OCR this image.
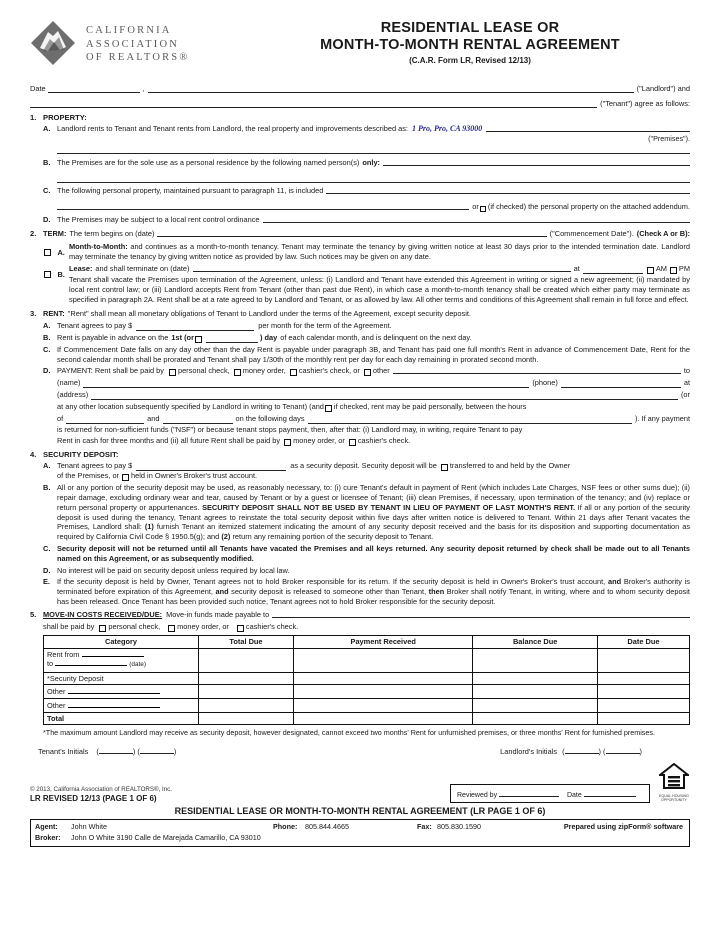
CALIFORNIA
ASSOCIATION
OF REALTORS®
RESIDENTIAL LEASE OR
MONTH-TO-MONTH RENTAL AGREEMENT
(C.A.R. Form LR, Revised 12/13)
Date	,	("Landlord") and
("Tenant") agree as follows:
1. PROPERTY:
A. Landlord rents to Tenant and Tenant rents from Landlord, the real property and improvements described as: 1 Pro, Pro, CA 93000
("Premises").
B. The Premises are for the sole use as a personal residence by the following named person(s) only:
C. The following personal property, maintained pursuant to paragraph 11, is included
or (if checked) the personal property on the attached addendum.
D. The Premises may be subject to a local rent control ordinance
2. TERM: The term begins on (date)	("Commencement Date"). (Check A or B):
A.
Month-to-Month: and continues as a month-to-month tenancy. Tenant may terminate the tenancy by giving written notice at least 30 days prior to the intended termination date. Landlord may terminate the tenancy by giving written notice as provided by law. Such notices may be given on any date.
B.
Lease: and shall terminate on (date)	at	AM PM
Tenant shall vacate the Premises upon termination of the Agreement, unless: (i) Landlord and Tenant have extended this Agreement in writing or signed a new agreement; (ii) mandated by local rent control law; or (iii) Landlord accepts Rent from Tenant (other than past due Rent), in which case a month-to-month tenancy shall be created which either party may terminate as specified in paragraph 2A. Rent shall be at a rate agreed to by Landlord and Tenant, or as allowed by law. All other terms and conditions of this Agreement shall remain in full force and effect.
3. RENT: "Rent" shall mean all monetary obligations of Tenant to Landlord under the terms of the Agreement, except security deposit.
A. Tenant agrees to pay $	per month for the term of the Agreement.
B. Rent is payable in advance on the 1st (or	) day of each calendar month, and is delinquent on the next day.
C. If Commencement Date falls on any day other than the day Rent is payable under paragraph 3B, and Tenant has paid one full month's Rent in advance of Commencement Date, Rent for the second calendar month shall be prorated and Tenant shall pay 1/30th of the monthly rent per day for each day remaining in prorated second month.
D. PAYMENT: Rent shall be paid by personal check, money order, cashier's check, or other	to
(name)	(phone)	at
(address)	(or
at any other location subsequently specified by Landlord in writing to Tenant) (and if checked, rent may be paid personally, between the hours
of	and	on the following days	). If any payment
is returned for non-sufficient funds ("NSF") or because tenant stops payment, then, after that: (i) Landlord may, in writing, require Tenant to pay
Rent in cash for three months and (ii) all future Rent shall be paid by money order, or cashier's check.
4. SECURITY DEPOSIT:
A. Tenant agrees to pay $	as a security deposit. Security deposit will be transferred to and held by the Owner
of the Premises, or held in Owner's Broker's trust account.
B. All or any portion of the security deposit may be used, as reasonably necessary, to: (i) cure Tenant's default in payment of Rent (which includes Late Charges, NSF fees or other sums due); (ii) repair damage, excluding ordinary wear and tear, caused by Tenant or by a guest or licensee of Tenant; (iii) clean Premises, if necessary, upon termination of the tenancy; and (iv) replace or return personal property or appurtenances. SECURITY DEPOSIT SHALL NOT BE USED BY TENANT IN LIEU OF PAYMENT OF LAST MONTH'S RENT. If all or any portion of the security deposit is used during the tenancy, Tenant agrees to reinstate the total security deposit within five days after written notice is delivered to Tenant. Within 21 days after Tenant vacates the Premises, Landlord shall: (1) furnish Tenant an itemized statement indicating the amount of any security deposit received and the basis for its disposition and supporting documentation as required by California Civil Code § 1950.5(g); and (2) return any remaining portion of the security deposit to Tenant.
C. Security deposit will not be returned until all Tenants have vacated the Premises and all keys returned. Any security deposit returned by check shall be made out to all Tenants named on this Agreement, or as subsequently modified.
D. No interest will be paid on security deposit unless required by local law.
E. If the security deposit is held by Owner, Tenant agrees not to hold Broker responsible for its return. If the security deposit is held in Owner's Broker's trust account, and Broker's authority is terminated before expiration of this Agreement, and security deposit is released to someone other than Tenant, then Broker shall notify Tenant, in writing, where and to whom security deposit has been released. Once Tenant has been provided such notice, Tenant agrees not to hold Broker responsible for the security deposit.
5. MOVE-IN COSTS RECEIVED/DUE: Move-in funds made payable to
shall be paid by personal check, money order, or cashier's check.
Category	Total Due	Payment Received	Balance Due	Date Due

Rent from
to (date)				

*Security Deposit				
Other				
Other				
Total				
*The maximum amount Landlord may receive as security deposit, however designated, cannot exceed two months' Rent for unfurnished premises, or three months' Rent for furnished premises.
Tenant's Initials (	) (	)	Landlord's Initials (	) (	)
© 2013, California Association of REALTORS®, Inc.
LR REVISED 12/13 (PAGE 1 OF 6)	Reviewed by	Date	EQUAL HOUSING OPPORTUNITY
RESIDENTIAL LEASE OR MONTH-TO-MONTH RENTAL AGREEMENT (LR PAGE 1 OF 6)
Agent: John White	Phone: 805.844.4665	Fax: 805.830.1590	Prepared using zipForm® software
Broker: John O White 3190 Calle de Marejada Camarillo, CA 93010
